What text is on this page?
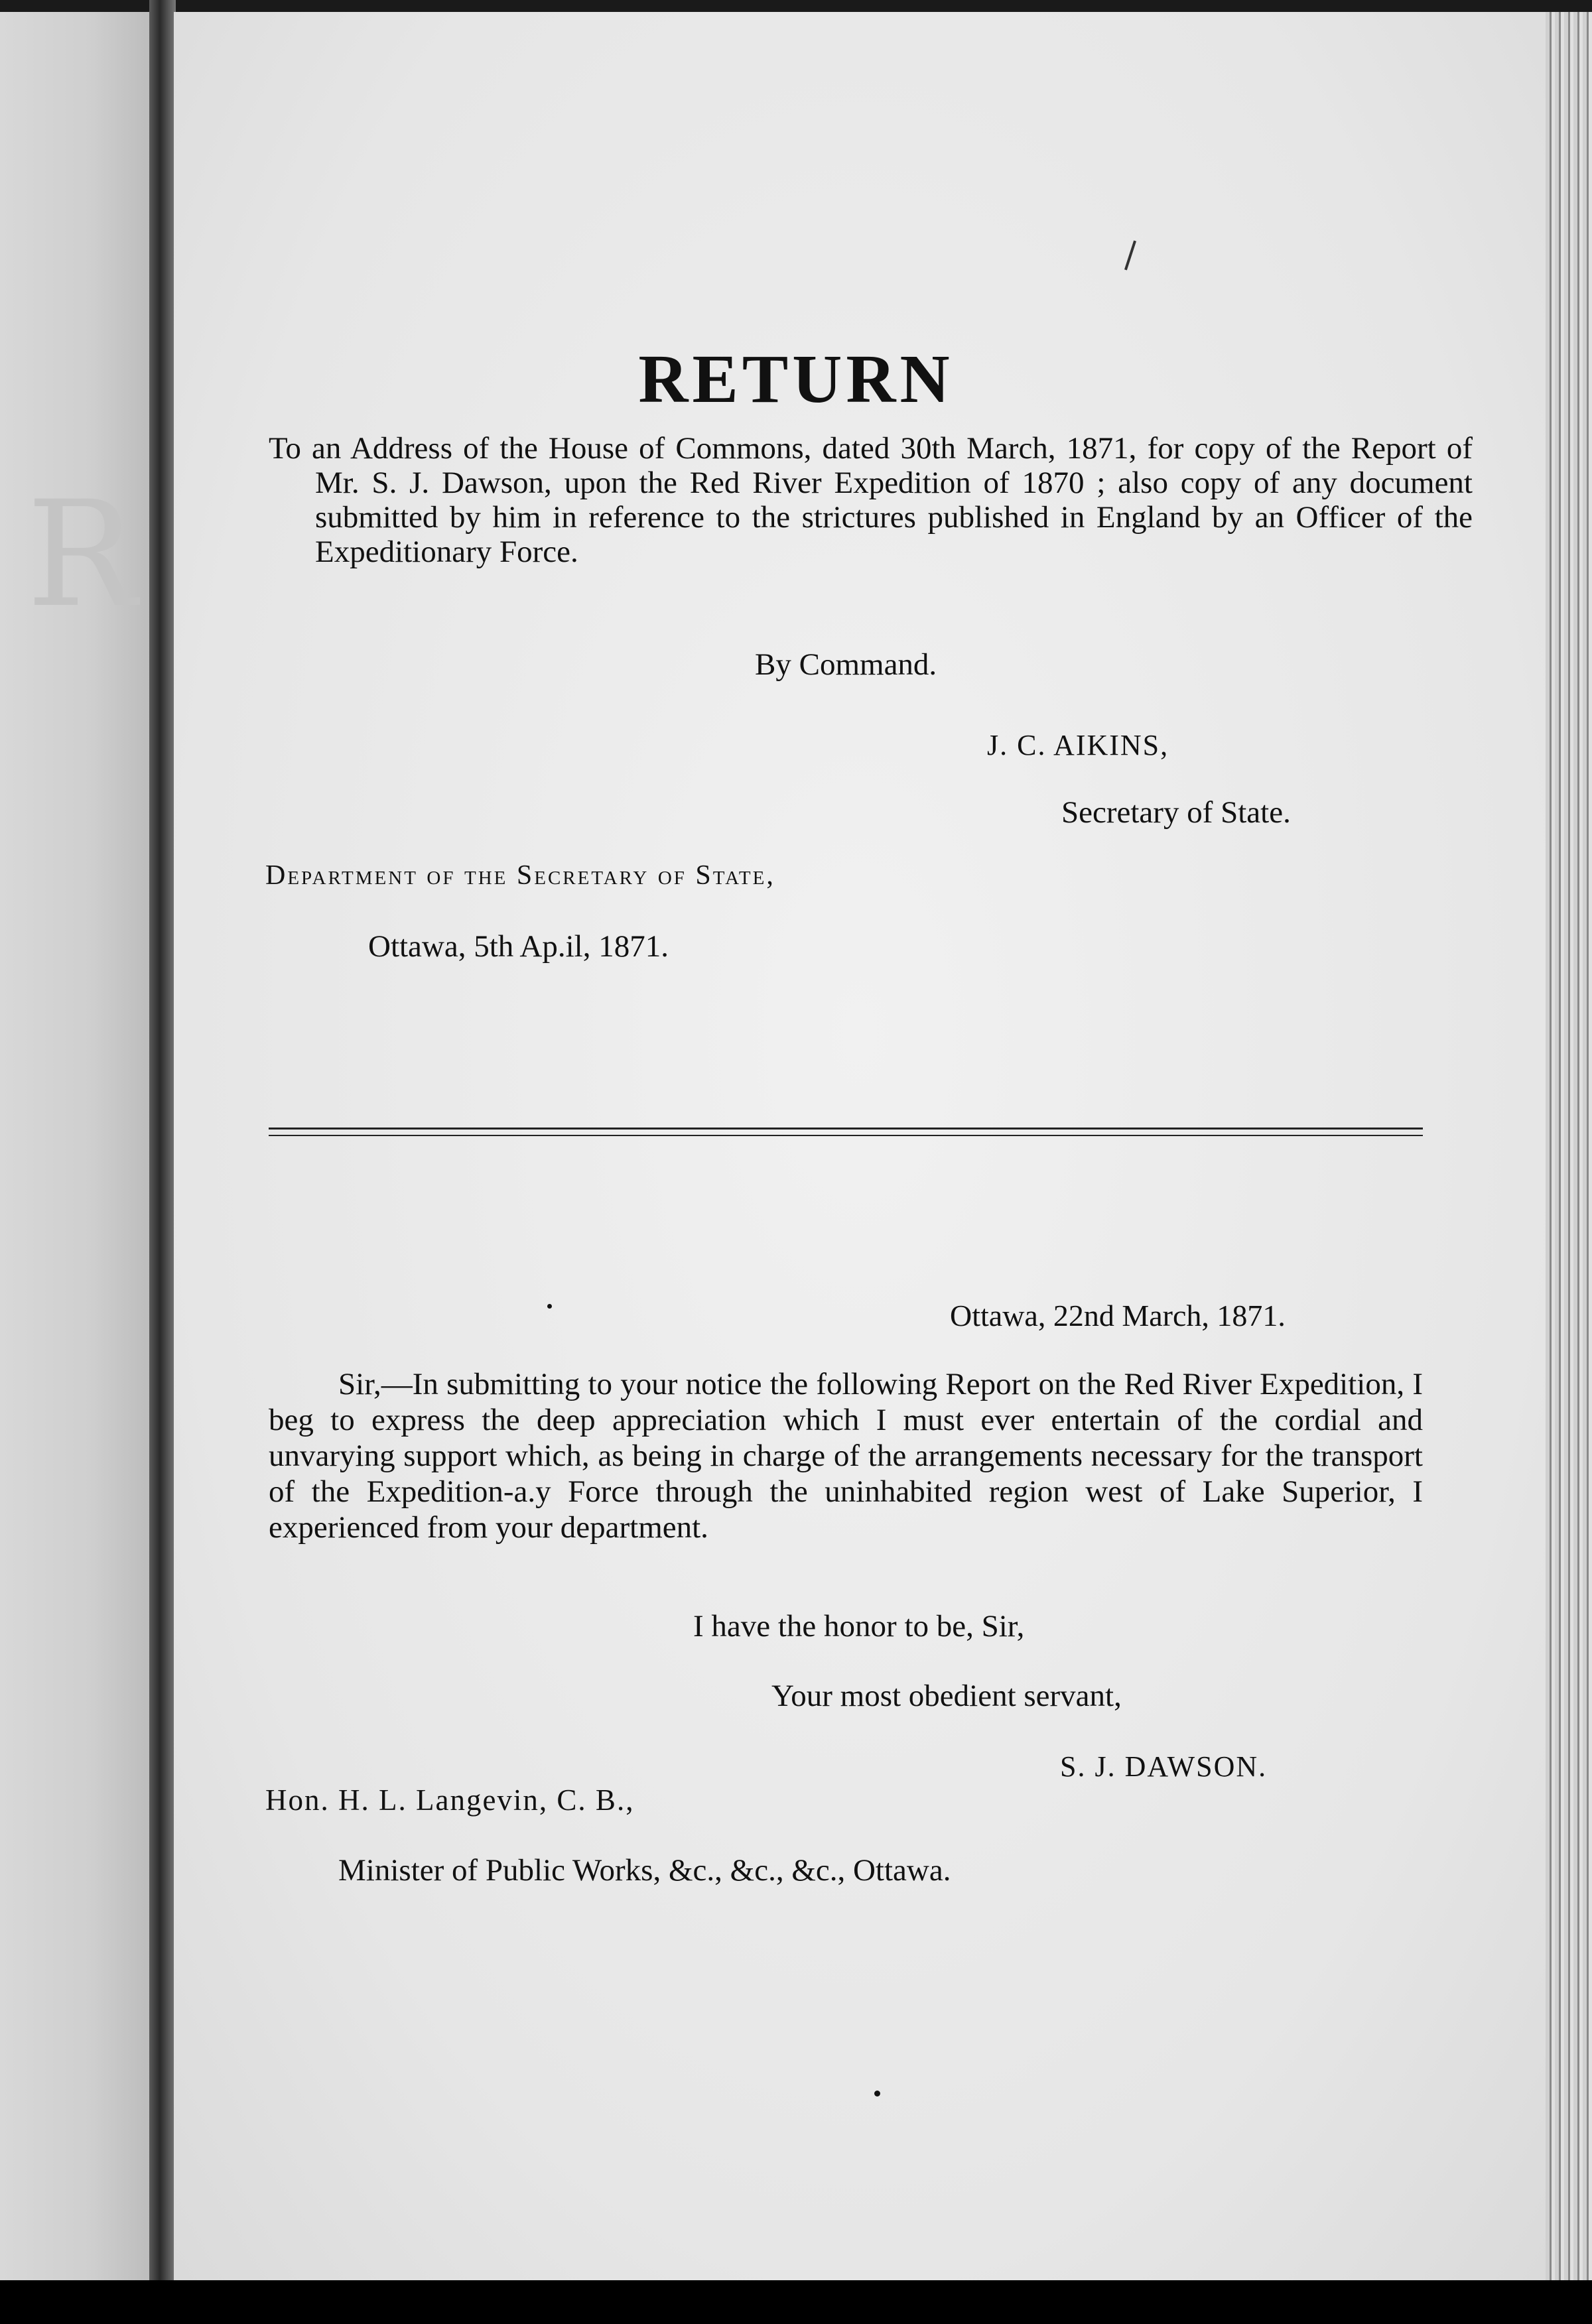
R
RETURN
To an Address of the House of Commons, dated 30th March, 1871, for copy of the Report of Mr. S. J. Dawson, upon the Red River Expedition of 1870 ; also copy of any document submitted by him in reference to the strictures published in England by an Officer of the Expeditionary Force.
By Command.
J. C. AIKINS,
Secretary of State.
Department of the Secretary of State,
Ottawa, 5th Ap.il, 1871.
Ottawa, 22nd March, 1871.
Sir,—In submitting to your notice the following Report on the Red River Expedition, I beg to express the deep appreciation which I must ever entertain of the cordial and unvarying support which, as being in charge of the arrangements necessary for the transport of the Expedition-a.y Force through the uninhabited region west of Lake Superior, I experienced from your department.
I have the honor to be, Sir,
Your most obedient servant,
S. J. DAWSON.
Hon. H. L. Langevin, C. B.,
Minister of Public Works, &c., &c., &c., Ottawa.
